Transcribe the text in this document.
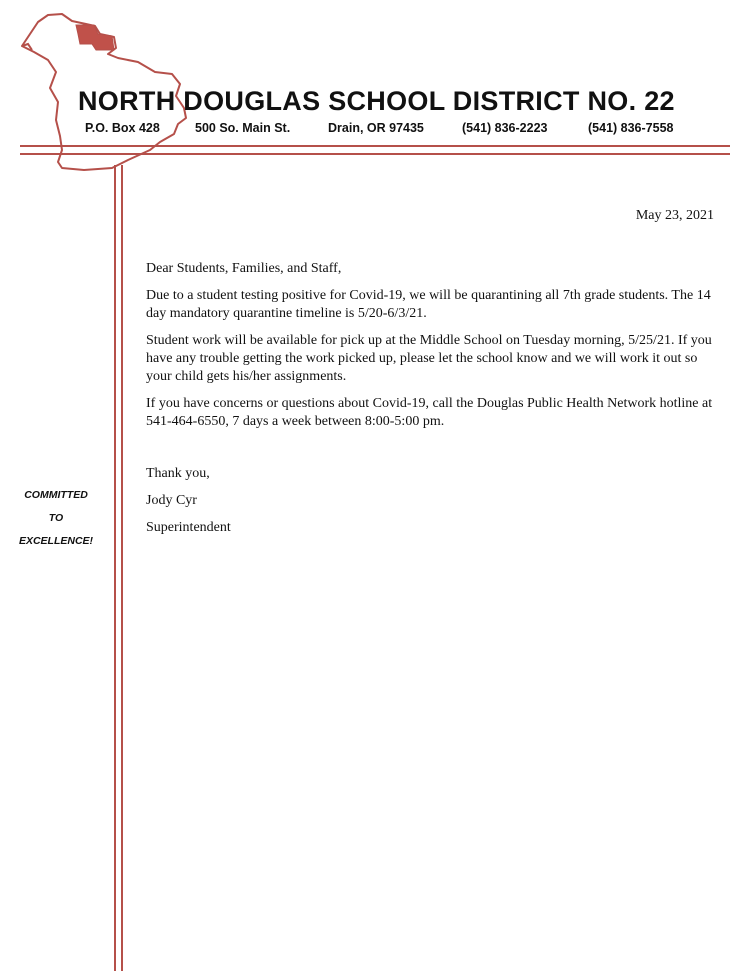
NORTH DOUGLAS SCHOOL DISTRICT NO. 22
P.O. Box 428	500 So. Main St.	Drain, OR 97435	(541) 836-2223	(541) 836-7558
COMMITTED
TO
EXCELLENCE!
May 23, 2021

Dear Students, Families, and Staff,

Due to a student testing positive for Covid-19, we will be quarantining all 7th grade students. The 14 day mandatory quarantine timeline is 5/20-6/3/21.

Student work will be available for pick up at the Middle School on Tuesday morning, 5/25/21. If you have any trouble getting the work picked up, please let the school know and we will work it out so your child gets his/her assignments.

If you have concerns or questions about Covid-19, call the Douglas Public Health Network hotline at 541-464-6550, 7 days a week between 8:00-5:00 pm.

Thank you,

Jody Cyr

Superintendent
